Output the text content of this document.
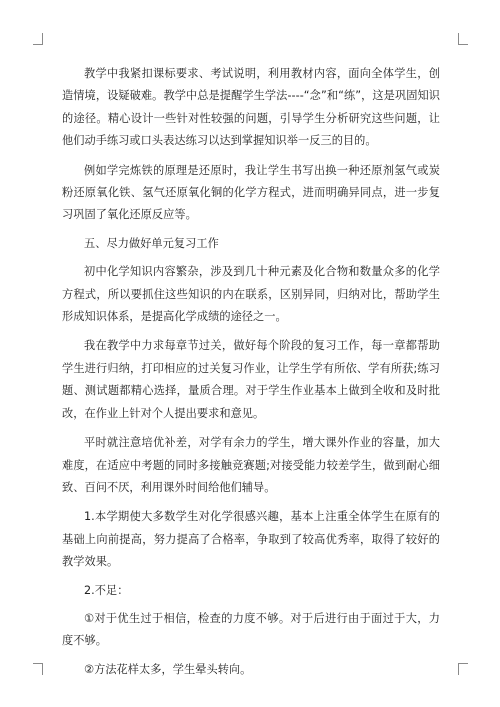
教学中我紧扣课标要求、考试说明，利用教材内容，面向全体学生，创造情境，设疑破难。教学中总是提醒学生学法----“念”和“练”，这是巩固知识的途径。精心设计一些针对性较强的问题，引导学生分析研究这些问题，让他们动手练习或口头表达练习以达到掌握知识举一反三的目的。

例如学完炼铁的原理是还原时，我让学生书写出换一种还原剂氢气或炭粉还原氧化铁、氢气还原氧化铜的化学方程式，进而明确异同点，进一步复习巩固了氧化还原反应等。

五、尽力做好单元复习工作

初中化学知识内容繁杂，涉及到几十种元素及化合物和数量众多的化学方程式，所以要抓住这些知识的内在联系，区别异同，归纳对比，帮助学生形成知识体系，是提高化学成绩的途径之一。

我在教学中力求每章节过关，做好每个阶段的复习工作，每一章都帮助学生进行归纳，打印相应的过关复习作业，让学生学有所依、学有所获;练习题、测试题都精心选择，量质合理。对于学生作业基本上做到全收和及时批改，在作业上针对个人提出要求和意见。

平时就注意培优补差，对学有余力的学生，增大课外作业的容量，加大难度，在适应中考题的同时多接触竞赛题;对接受能力较差学生，做到耐心细致、百问不厌，利用课外时间给他们辅导。

1.本学期使大多数学生对化学很感兴趣，基本上注重全体学生在原有的基础上向前提高，努力提高了合格率，争取到了较高优秀率，取得了较好的教学效果。

2.不足：

①对于优生过于相信，检查的力度不够。对于后进行由于面过于大，力度不够。

②方法花样太多，学生晕头转向。
